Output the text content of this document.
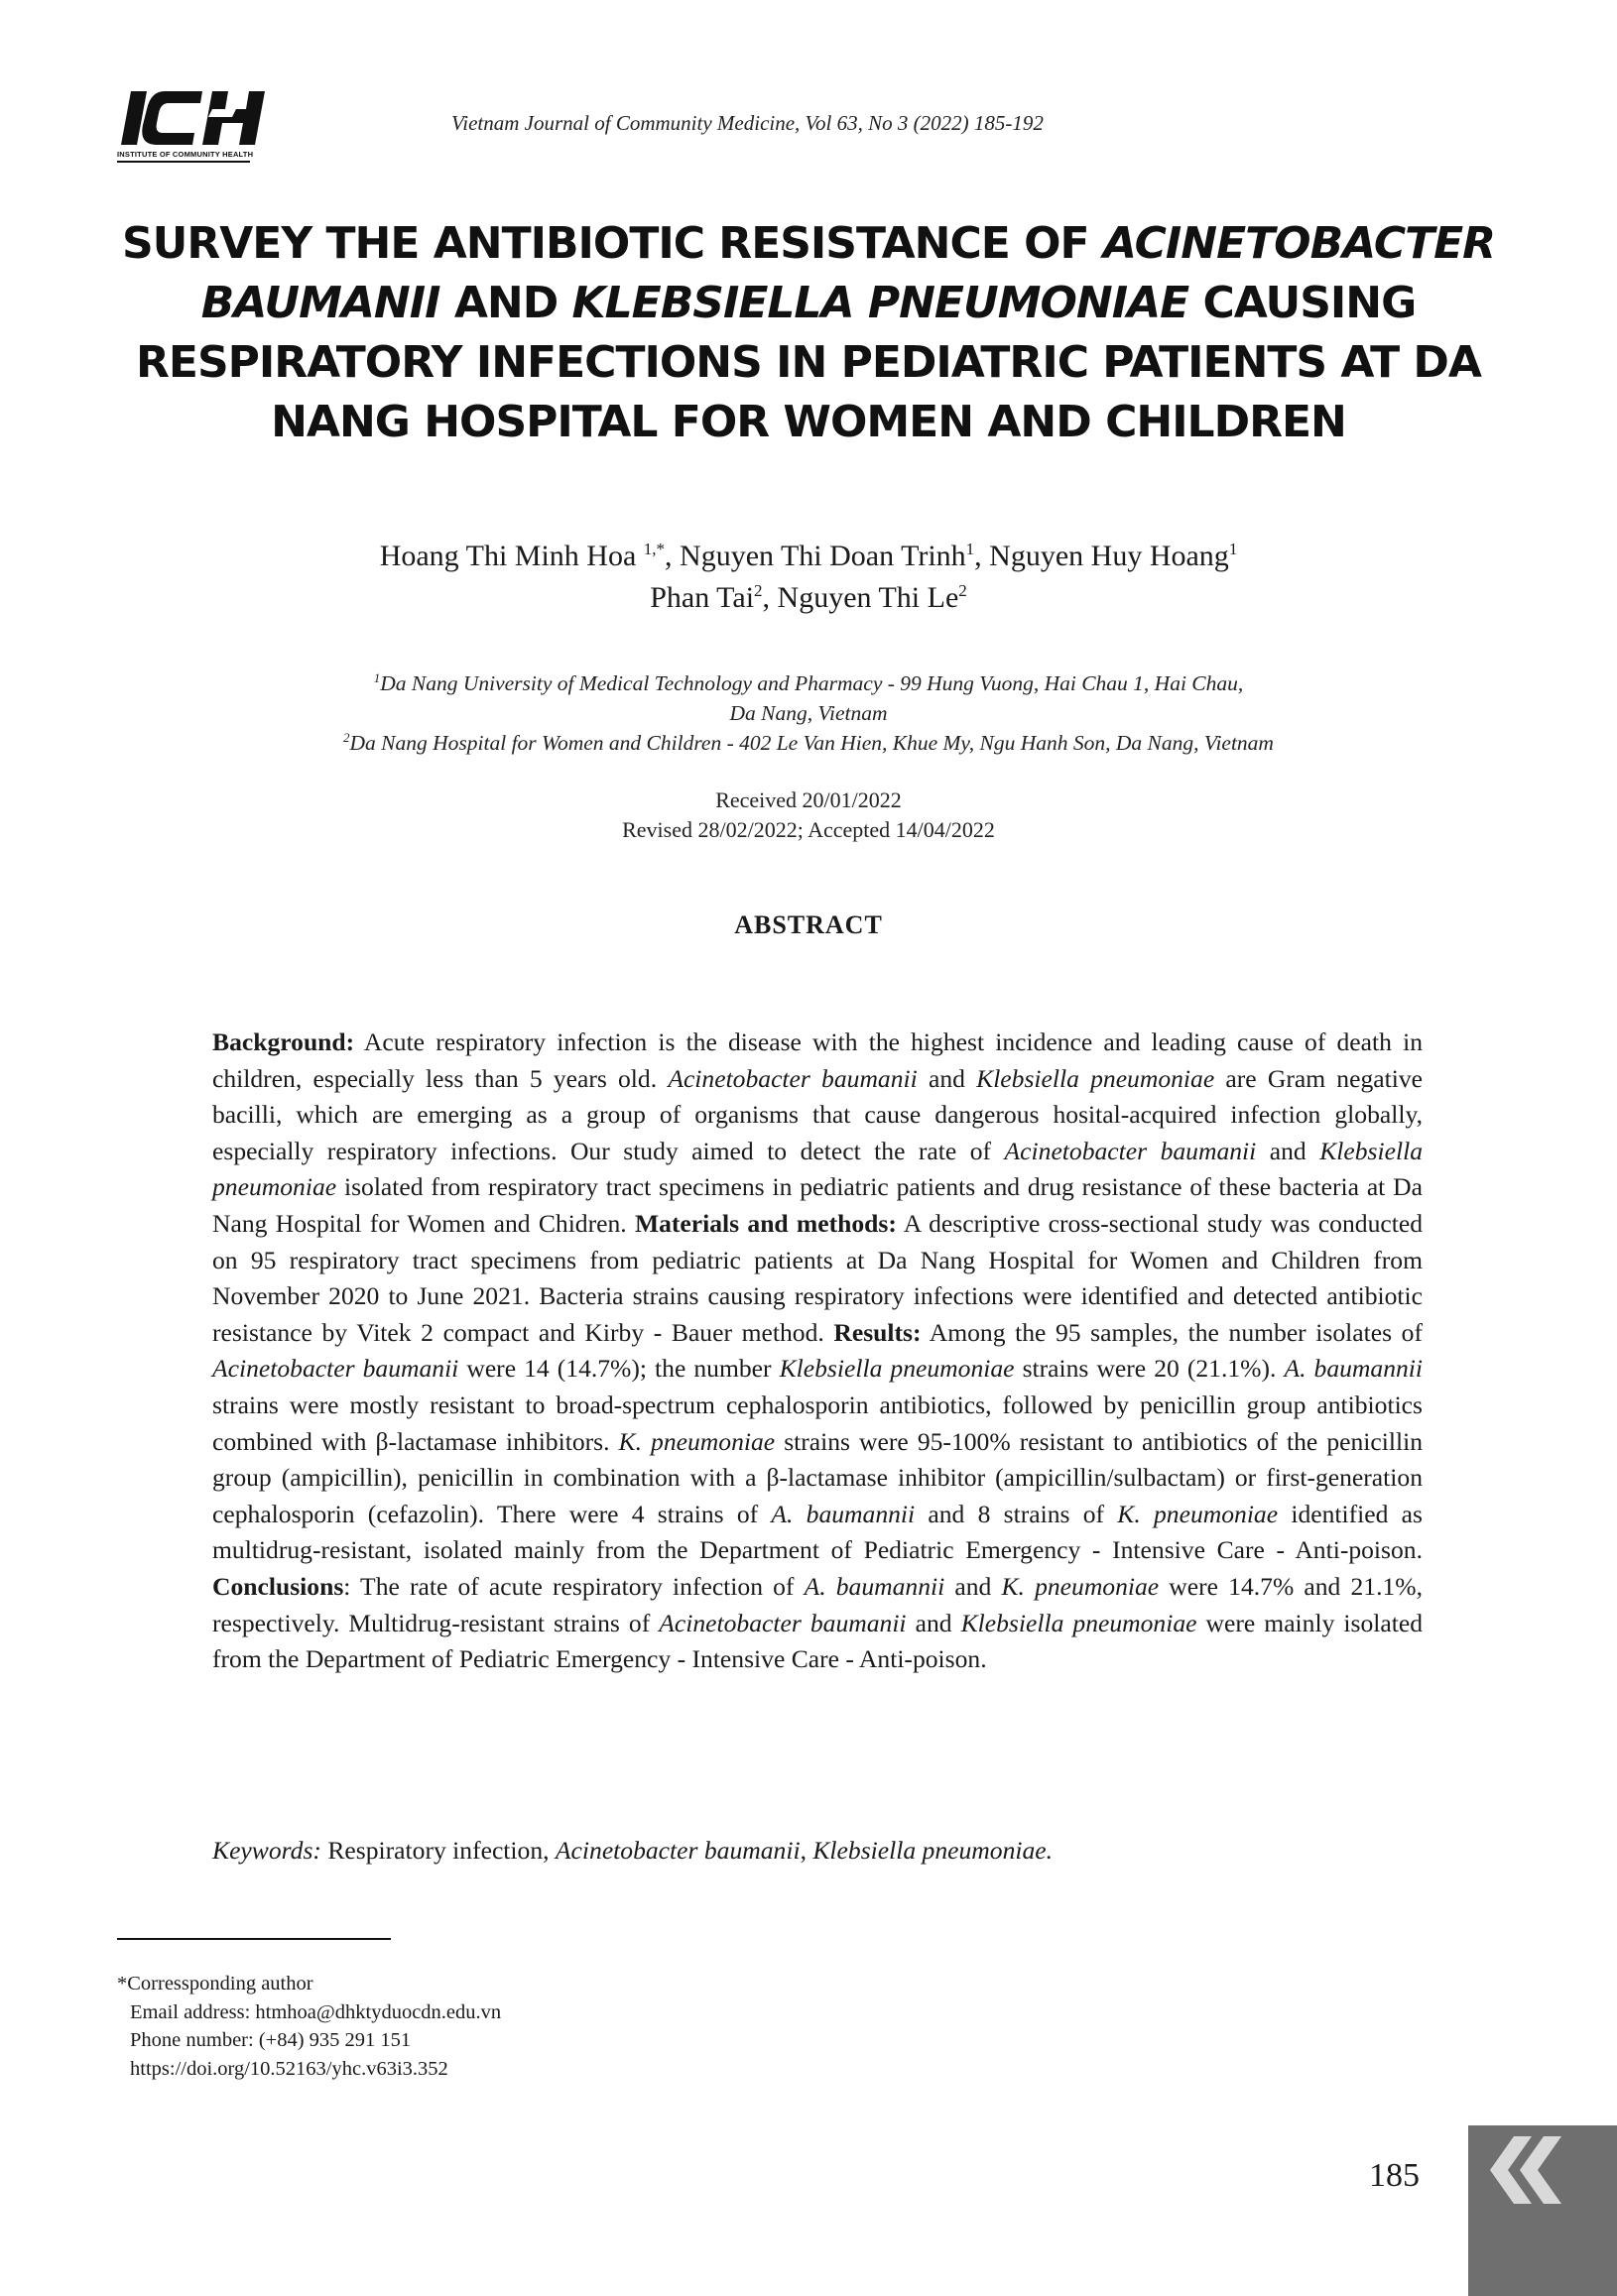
INSTITUTE OF COMMUNITY HEALTH
Vietnam Journal of Community Medicine, Vol 63, No 3 (2022) 185-192
SURVEY THE ANTIBIOTIC RESISTANCE OF ACINETOBACTER
BAUMANII AND KLEBSIELLA PNEUMONIAE CAUSING
RESPIRATORY INFECTIONS IN PEDIATRIC PATIENTS AT DA
NANG HOSPITAL FOR WOMEN AND CHILDREN
Hoang Thi Minh Hoa $^{1,*}$, Nguyen Thi Doan Trinh$^1$, Nguyen Huy Hoang$^1$
Phan Tai$^2$, Nguyen Thi Le$^2$
$^1$Da Nang University of Medical Technology and Pharmacy - 99 Hung Vuong, Hai Chau 1, Hai Chau,
Da Nang, Vietnam
$^2$Da Nang Hospital for Women and Children - 402 Le Van Hien, Khue My, Ngu Hanh Son, Da Nang, Vietnam
Received 20/01/2022
Revised 28/02/2022; Accepted 14/04/2022
ABSTRACT
Background: Acute respiratory infection is the disease with the highest incidence and leading cause of death in children, especially less than 5 years old. Acinetobacter baumanii and Klebsiella pneumoniae are Gram negative bacilli, which are emerging as a group of organisms that cause dangerous hosital-acquired infection globally, especially respiratory infections. Our study aimed to detect the rate of Acinetobacter baumanii and Klebsiella pneumoniae isolated from respiratory tract specimens in pediatric patients and drug resistance of these bacteria at Da Nang Hospital for Women and Chidren. Materials and methods: A descriptive cross-sectional study was conducted on 95 respiratory tract specimens from pediatric patients at Da Nang Hospital for Women and Children from November 2020 to June 2021. Bacteria strains causing respiratory infections were identified and detected antibiotic resistance by Vitek 2 compact and Kirby - Bauer method. Results: Among the 95 samples, the number isolates of Acinetobacter baumanii were 14 (14.7%); the number Klebsiella pneumoniae strains were 20 (21.1%). A. baumannii strains were mostly resistant to broad-spectrum cephalosporin antibiotics, followed by penicillin group antibiotics combined with β-lactamase inhibitors. K. pneumoniae strains were 95-100% resistant to antibiotics of the penicillin group (ampicillin), penicillin in combination with a β-lactamase inhibitor (ampicillin/sulbactam) or first-generation cephalosporin (cefazolin). There were 4 strains of A. baumannii and 8 strains of K. pneumoniae identified as multidrug-resistant, isolated mainly from the Department of Pediatric Emergency - Intensive Care - Anti-poison. Conclusions: The rate of acute respiratory infection of A. baumannii and K. pneumoniae were 14.7% and 21.1%, respectively. Multidrug-resistant strains of Acinetobacter baumanii and Klebsiella pneumoniae were mainly isolated from the Department of Pediatric Emergency - Intensive Care - Anti-poison.
Keywords: Respiratory infection, Acinetobacter baumanii, Klebsiella pneumoniae.
*Corressponding author
Email address: htmhoa@dhktyduocdn.edu.vn
Phone number: (+84) 935 291 151
https://doi.org/10.52163/yhc.v63i3.352
185
